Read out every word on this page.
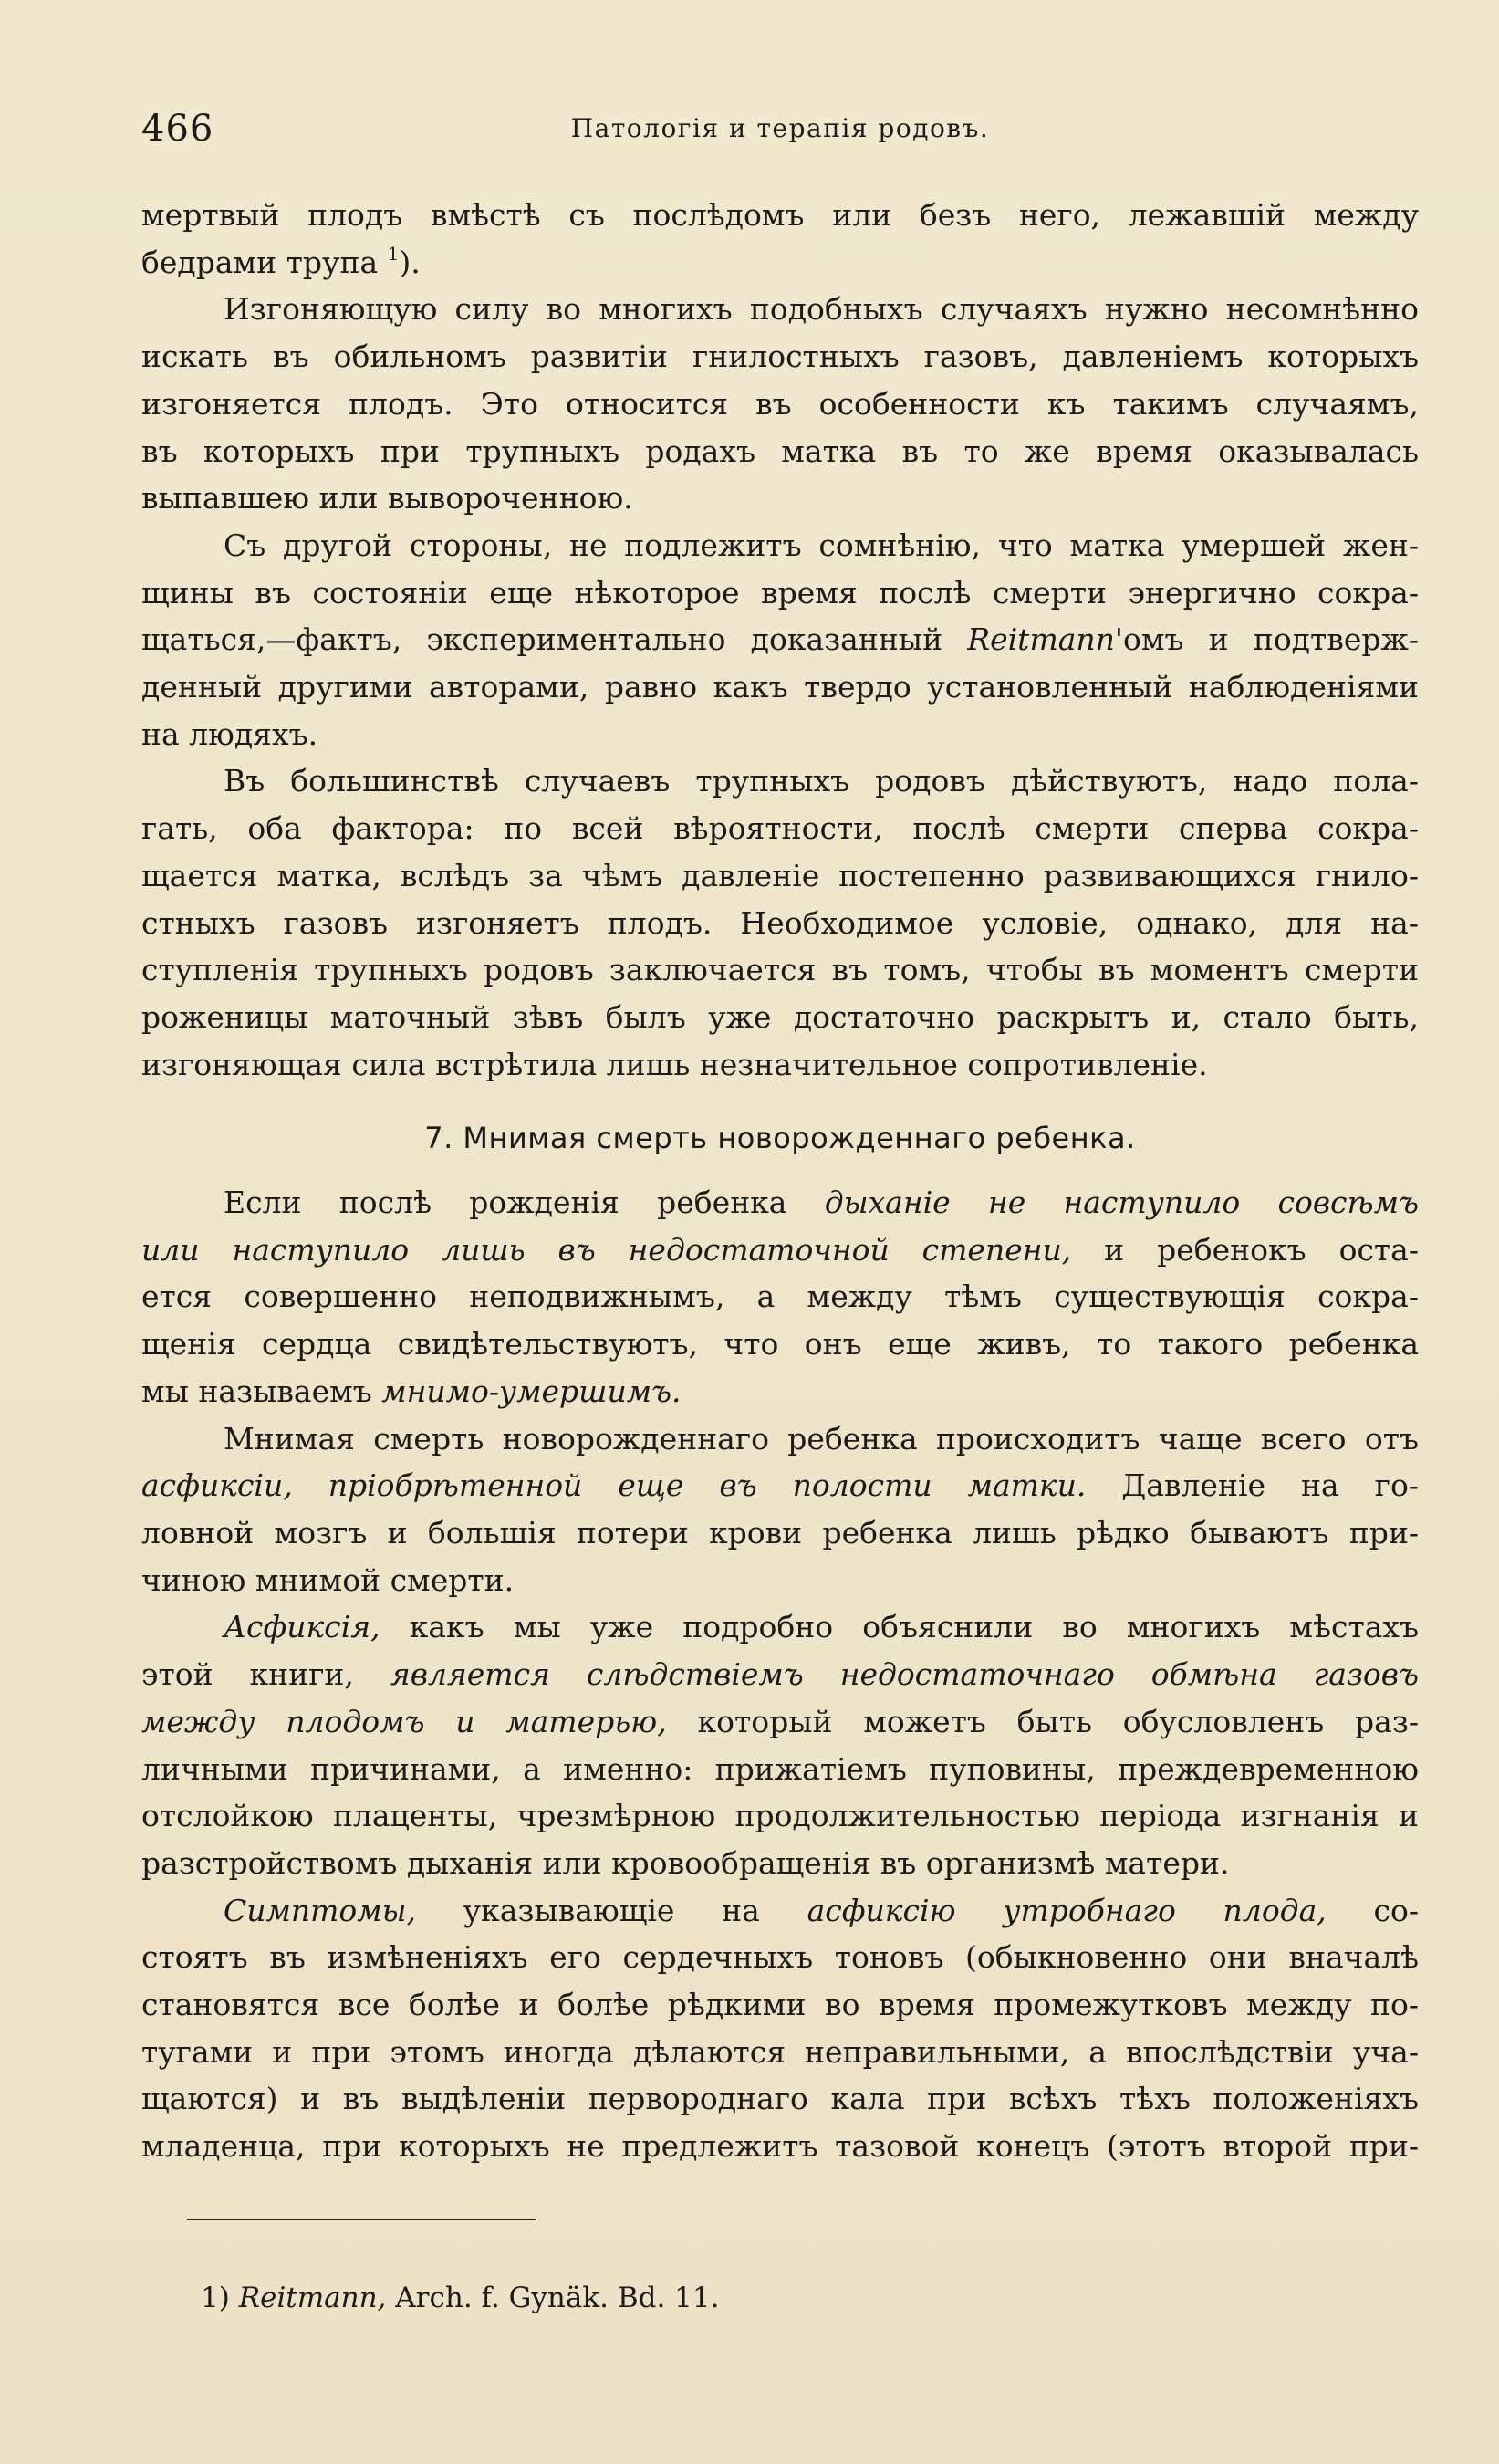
466	Патологія и терапія родовъ.

мертвый плодъ вмѣстѣ съ послѣдомъ или безъ него, лежавшій между
бедрами трупа $^1$).

Изгоняющую силу во многихъ подобныхъ случаяхъ нужно несомнѣнно
искать въ обильномъ развитіи гнилостныхъ газовъ, давленіемъ которыхъ
изгоняется плодъ. Это относится въ особенности къ такимъ случаямъ,
въ которыхъ при трупныхъ родахъ матка въ то же время оказывалась
выпавшею или вывороченною.

Съ другой стороны, не подлежитъ сомнѣнію, что матка умершей жен-
щины въ состояніи еще нѣкоторое время послѣ смерти энергично сокра-
щаться,—фактъ, экспериментально доказанный Reitmann'омъ и подтверж-
денный другими авторами, равно какъ твердо установленный наблюденіями
на людяхъ.

Въ большинствѣ случаевъ трупныхъ родовъ дѣйствуютъ, надо пола-
гать, оба фактора: по всей вѣроятности, послѣ смерти сперва сокра-
щается матка, вслѣдъ за чѣмъ давленіе постепенно развивающихся гнило-
стныхъ газовъ изгоняетъ плодъ. Необходимое условіе, однако, для на-
ступленія трупныхъ родовъ заключается въ томъ, чтобы въ моментъ смерти
роженицы маточный зѣвъ былъ уже достаточно раскрытъ и, стало быть,
изгоняющая сила встрѣтила лишь незначительное сопротивленіе.

7. Мнимая смерть новорожденнаго ребенка.

Если послѣ рожденія ребенка дыханіе не наступило совсѣмъ
или наступило лишь въ недостаточной степени, и ребенокъ оста-
ется совершенно неподвижнымъ, а между тѣмъ существующія сокра-
щенія сердца свидѣтельствуютъ, что онъ еще живъ, то такого ребенка
мы называемъ мнимо-умершимъ.

Мнимая смерть новорожденнаго ребенка происходитъ чаще всего отъ
асфиксіи, пріобрѣтенной еще въ полости матки. Давленіе на го-
ловной мозгъ и большія потери крови ребенка лишь рѣдко бываютъ при-
чиною мнимой смерти.

Асфиксія, какъ мы уже подробно объяснили во многихъ мѣстахъ
этой книги, является слѣдствіемъ недостаточнаго обмѣна газовъ
между плодомъ и матерью, который можетъ быть обусловленъ раз-
личными причинами, а именно: прижатіемъ пуповины, преждевременною
отслойкою плаценты, чрезмѣрною продолжительностью періода изгнанія и
разстройствомъ дыханія или кровообращенія въ организмѣ матери.

Симптомы, указывающіе на асфиксію утробнаго плода, со-
стоятъ въ измѣненіяхъ его сердечныхъ тоновъ (обыкновенно они вначалѣ
становятся все болѣе и болѣе рѣдкими во время промежутковъ между по-
тугами и при этомъ иногда дѣлаются неправильными, а впослѣдствіи уча-
щаются) и въ выдѣленіи первороднаго кала при всѣхъ тѣхъ положеніяхъ
младенца, при которыхъ не предлежитъ тазовой конецъ (этотъ второй при-

1) Reitmann, Arch. f. Gynäk. Bd. 11.
